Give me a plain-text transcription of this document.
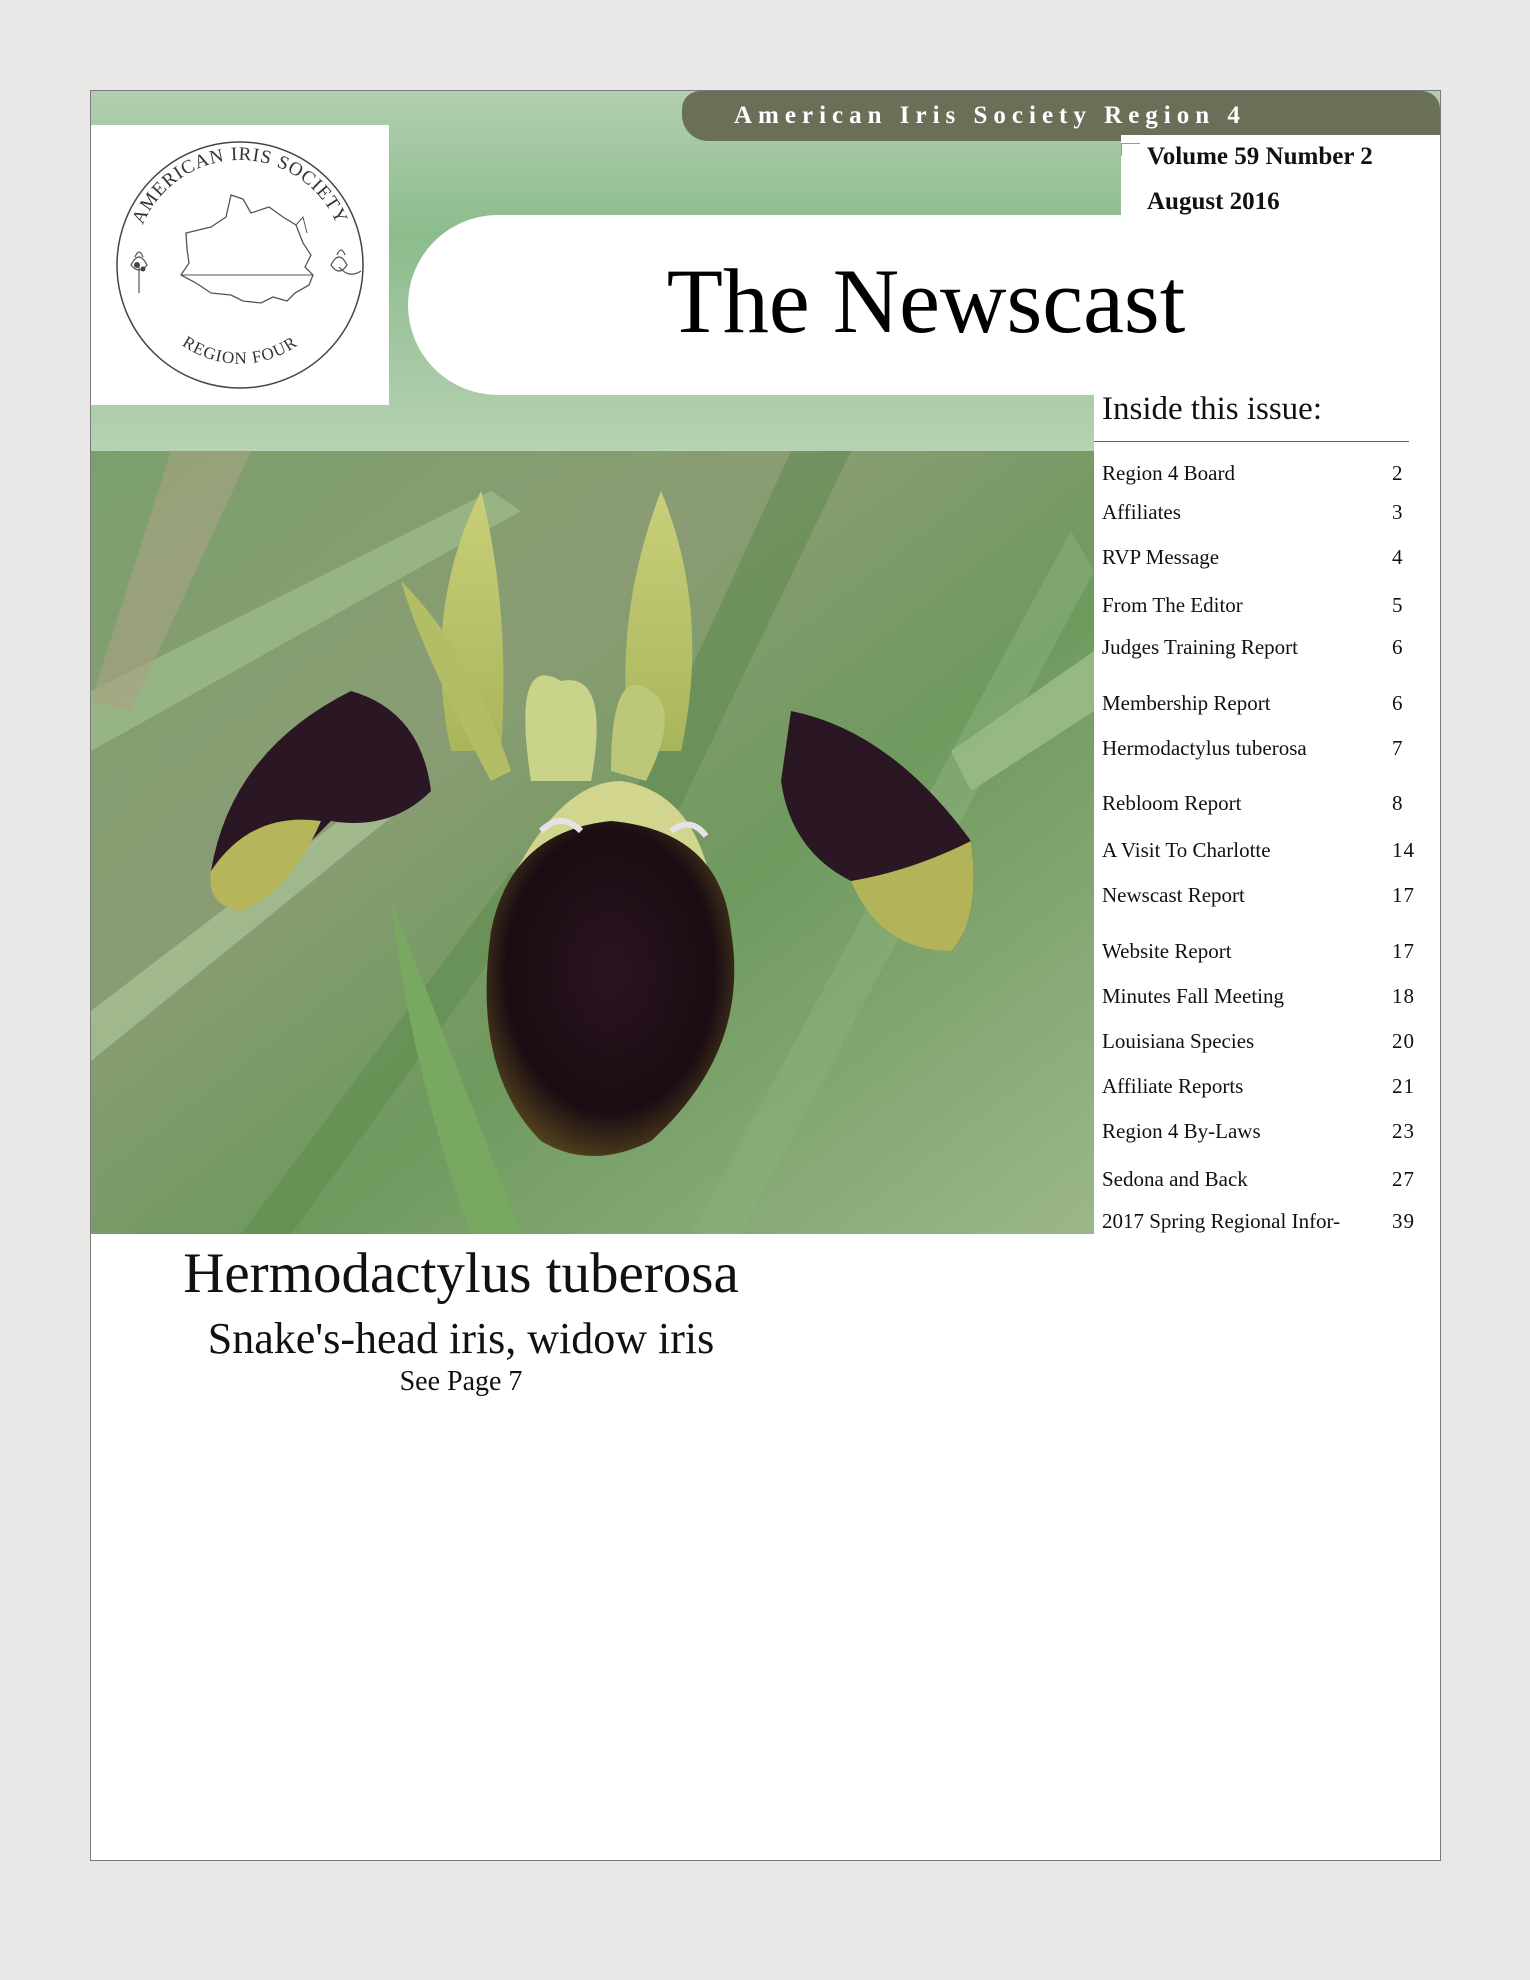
American Iris Society Region 4
AMERICAN IRIS SOCIETY
REGION FOUR	The Newscast
Volume 59 Number 2
August 2016
Inside this issue:
Region 4 Board	2
Affiliates	3
RVP Message	4
From The Editor	5
Judges Training Report	6
Membership Report	6
Hermodactylus tuberosa	7
Rebloom Report	8
A Visit To Charlotte	14
Newscast Report	17
Website Report	17
Minutes Fall Meeting	18
Louisiana Species	20
Affiliate Reports	21
Region 4 By-Laws	23
Sedona and Back	27
2017 Spring Regional Infor- 39
Hermodactylus tuberosa
Snake's-head iris, widow iris
See Page 7
